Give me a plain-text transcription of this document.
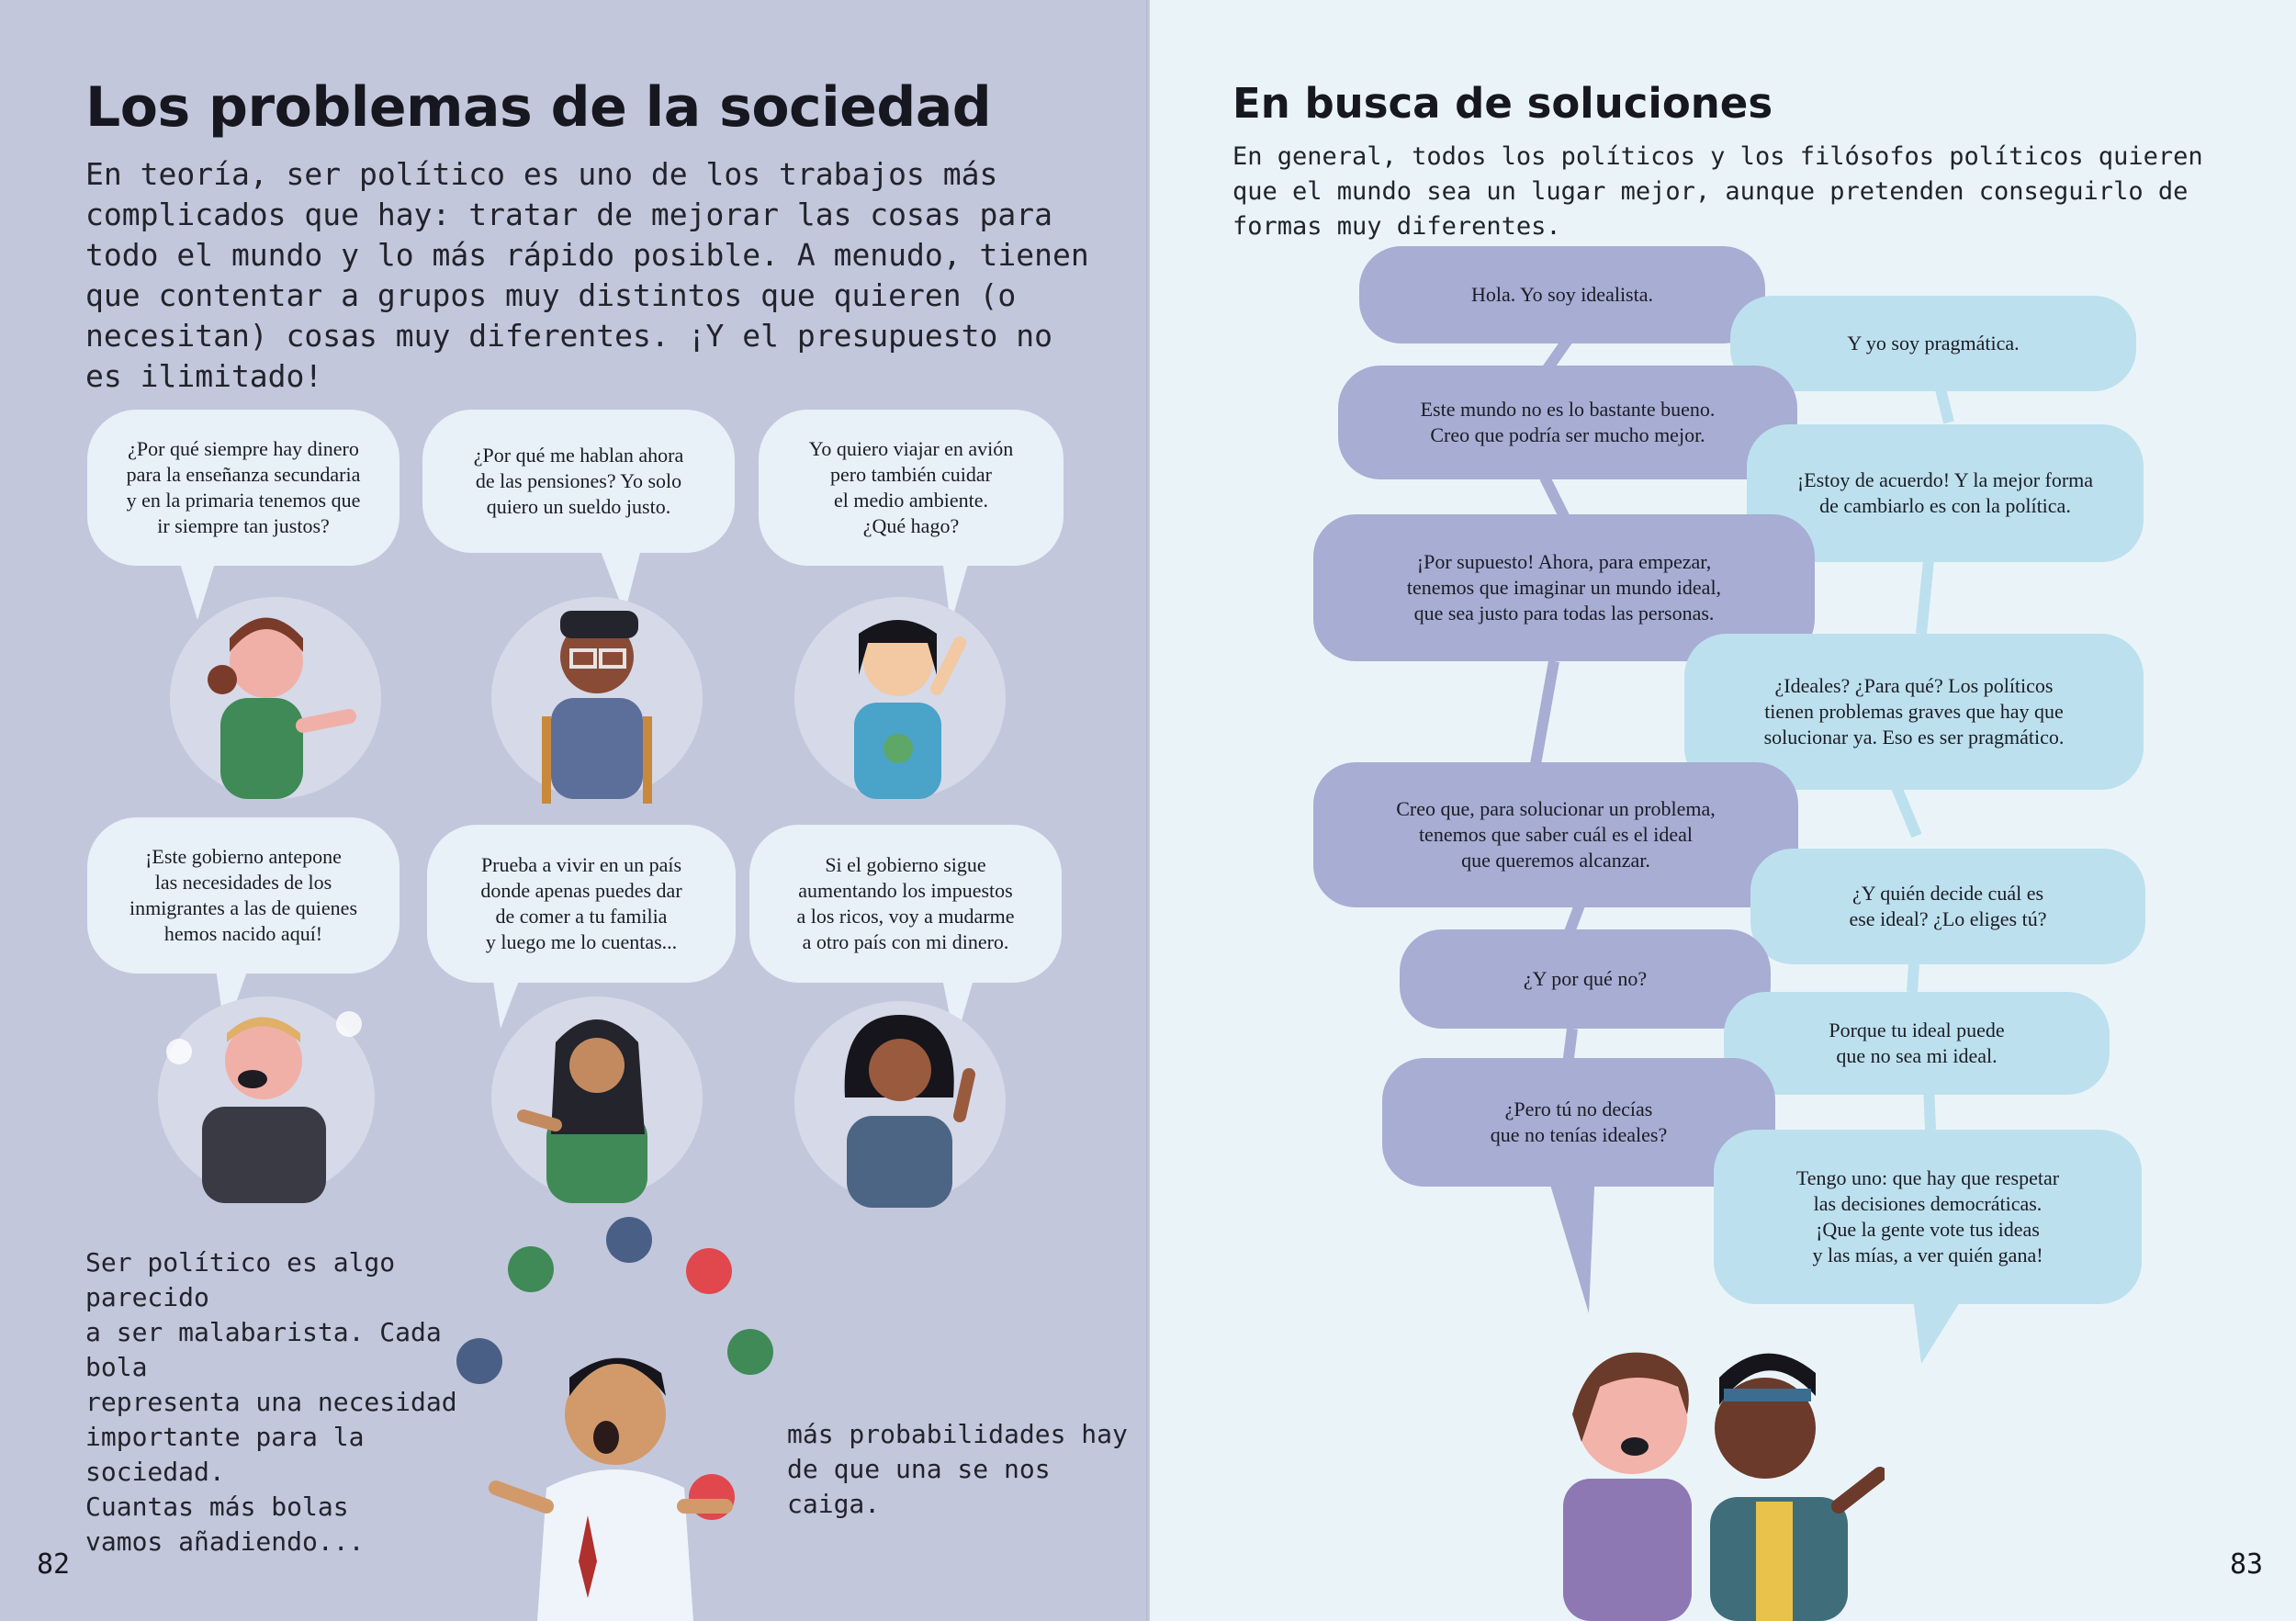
Los problemas de la sociedad

En teoría, ser político es uno de los trabajos más complicados que hay: tratar de mejorar las cosas para todo el mundo y lo más rápido posible. A menudo, tienen que contentar a grupos muy distintos que quieren (o necesitan) cosas muy diferentes. ¡Y el presupuesto no es ilimitado!

¿Por qué siempre hay dinero
para la enseñanza secundaria
y en la primaria tenemos que
ir siempre tan justos?
¿Por qué me hablan ahora
de las pensiones? Yo solo
quiero un sueldo justo.
Yo quiero viajar en avión
pero también cuidar
el medio ambiente.
¿Qué hago?
¡Este gobierno antepone
las necesidades de los
inmigrantes a las de quienes
hemos nacido aquí!
Prueba a vivir en un país
donde apenas puedes dar
de comer a tu familia
y luego me lo cuentas...
Si el gobierno sigue
aumentando los impuestos
a los ricos, voy a mudarme
a otro país con mi dinero.

Ser político es algo parecido
a ser malabarista. Cada bola
representa una necesidad
importante para la sociedad.
Cuantas más bolas
vamos añadiendo...

más probabilidades hay
de que una se nos caiga.

82
En busca de soluciones

En general, todos los políticos y los filósofos políticos quieren que el mundo sea un lugar mejor, aunque pretenden conseguirlo de formas muy diferentes.

Hola. Yo soy idealista.
Y yo soy pragmática.
Este mundo no es lo bastante bueno.
Creo que podría ser mucho mejor.
¡Estoy de acuerdo! Y la mejor forma
de cambiarlo es con la política.
¡Por supuesto! Ahora, para empezar,
tenemos que imaginar un mundo ideal,
que sea justo para todas las personas.
¿Ideales? ¿Para qué? Los políticos
tienen problemas graves que hay que
solucionar ya. Eso es ser pragmático.
Creo que, para solucionar un problema,
tenemos que saber cuál es el ideal
que queremos alcanzar.
¿Y quién decide cuál es
ese ideal? ¿Lo eliges tú?
¿Y por qué no?
Porque tu ideal puede
que no sea mi ideal.
¿Pero tú no decías
que no tenías ideales?
Tengo uno: que hay que respetar
las decisiones democráticas.
¡Que la gente vote tus ideas
y las mías, a ver quién gana!
83
